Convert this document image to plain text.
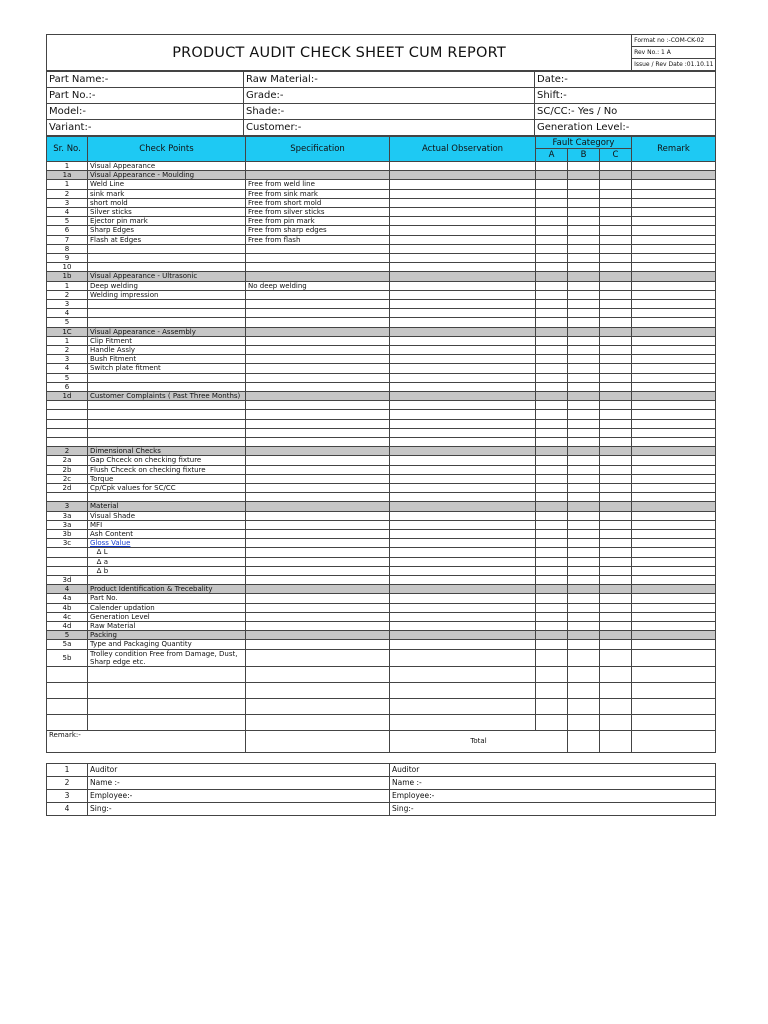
PRODUCT AUDIT CHECK SHEET CUM REPORT	
Format no :-COM-CK-02
Rev No.: 1 A
Issue / Rev Date :01.10.11
Part Name:-	Raw Material:-	Date:-
Part No.:-	Grade:-	Shift:-
Model:-	Shade:-	SC/CC:- Yes / No
Variant:-	Customer:-	Generation Level:-
Sr. No.	Check Points	Specification	Actual Observation	Fault Category			Remark
				A	B	C	
1	Visual Appearance						
1a	Visual Appearance - Moulding						
1	Weld Line	Free from weld line					
2	sink mark	Free from sink mark					
3	short mold	Free from short mold					
4	Silver sticks	Free from silver sticks					
5	Ejector pin mark	Free from pin mark					
6	Sharp Edges	Free from sharp edges					
7	Flash at Edges	Free from flash					
8							
9							
10							
1b	Visual Appearance - Ultrasonic						
1	Deep welding	No deep welding					
2	Welding impression						
3							
4							
5							
1C	Visual Appearance - Assembly						
1	Clip Fitment						
2	Handle Assly						
3	Bush Fitment						
4	Switch plate fitment						
5							
6							
1d	Customer Complaints ( Past Three Months)						

2	Dimensional Checks						
2a	Gap Chceck on checking fixture						
2b	Flush Chceck on checking fixture						
2c	Torque						
2d	Cp/Cpk values for SC/CC						

3	Material						
3a	Visual Shade						
3a	MFI						
3b	Ash Content						
3c	Gloss Value						
	Δ L						
	Δ a						
	Δ b						
3d							
4	Product Identification & Trecebality						
4a	Part No.						
4b	Calender updation						
4c	Generation Level						
4d	Raw Material						
5	Packing						
5a	Type and Packaging Quantity						
5b	Trolley condition Free from Damage, Dust, Sharp edge etc.						

Remark:-			Total				
1	Auditor	Auditor
2	Name :-	Name :-
3	Employee:-	Employee:-
4	Sing:-	Sing:-
